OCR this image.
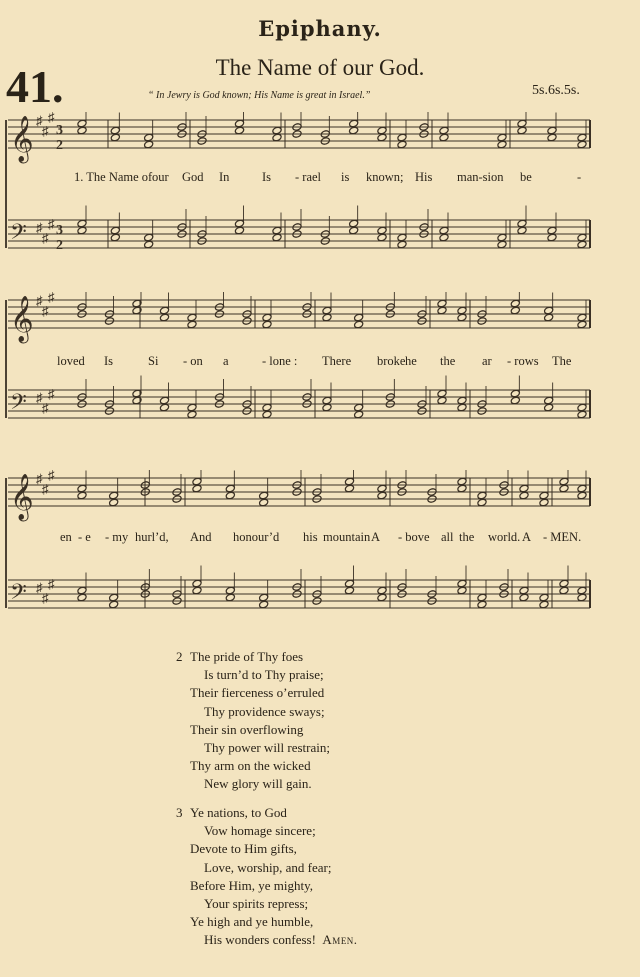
Epiphany.
41.	The Name of our God.
“ In Jewry is God known; His Name is great in Israel.”	5s.6s.5s.
𝄞 ♯
♯
♯
3
2
𝄢 ♯
♯
♯ 3
2
1. The Name of our God In	Is - rael is known; His man-sion be	-
𝄞 ♯
♯
♯
𝄢 ♯
♯
♯
loved Is	Si - on a	- lone : There broke he the ar - rows The
𝄞 ♯
♯
♯
𝄢 ♯
♯
♯
en - e - my hurl’d, And honour’d his mountain A - bove all the world. A - MEN.
2 The pride of Thy foes
Is turn’d to Thy praise;
Their fierceness o’erruled
Thy providence sways;
Their sin overflowing
Thy power will restrain;
Thy arm on the wicked
New glory will gain.
3 Ye nations, to God
Vow homage sincere;
Devote to Him gifts,
Love, worship, and fear;
Before Him, ye mighty,
Your spirits repress;
Ye high and ye humble,
His wonders confess! Amen.
